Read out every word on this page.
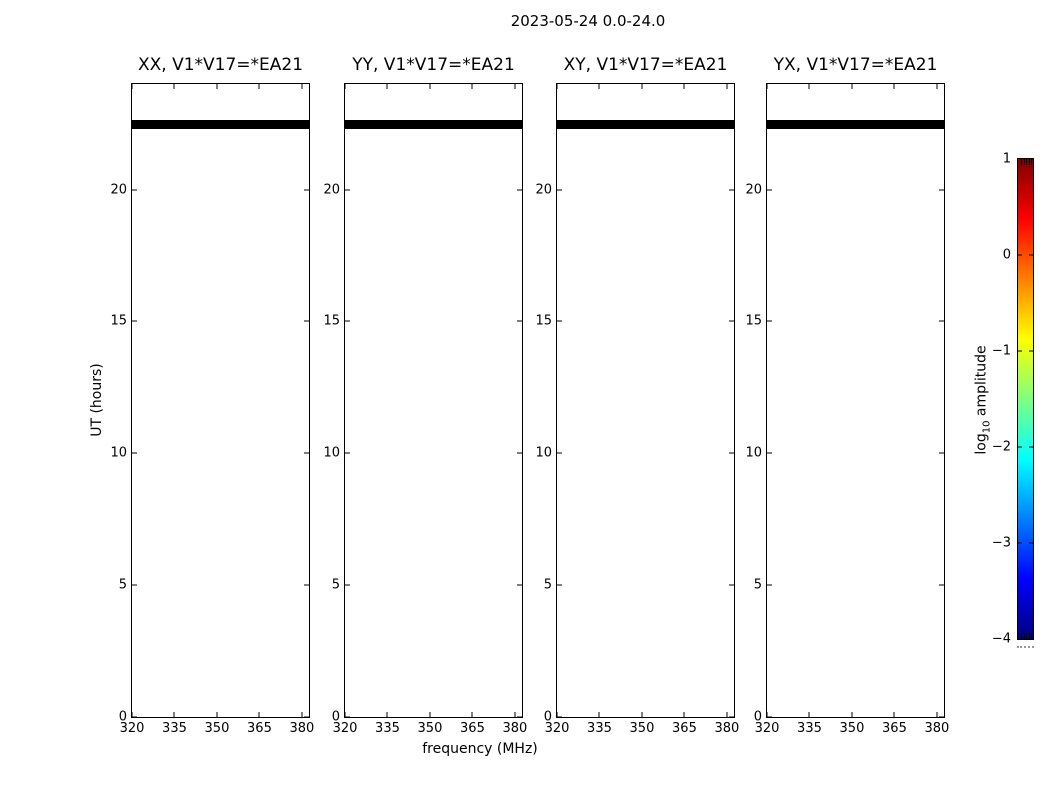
2023-05-24 0.0-24.0
XX, V1*V17=*EA21
320 335 350 365 380
0
5
10
15
20
YY, V1*V17=*EA21
320 335 350 365 380
0
5
10
15
20
XY, V1*V17=*EA21
320 335 350 365 380
0
5
10
15
20
YX, V1*V17=*EA21
320 335 350 365 380
0
5
10
15
20
frequency (MHz)
UT (hours)
1
0
−1
−2
−3
−4
$\log_{10}$ amplitude
